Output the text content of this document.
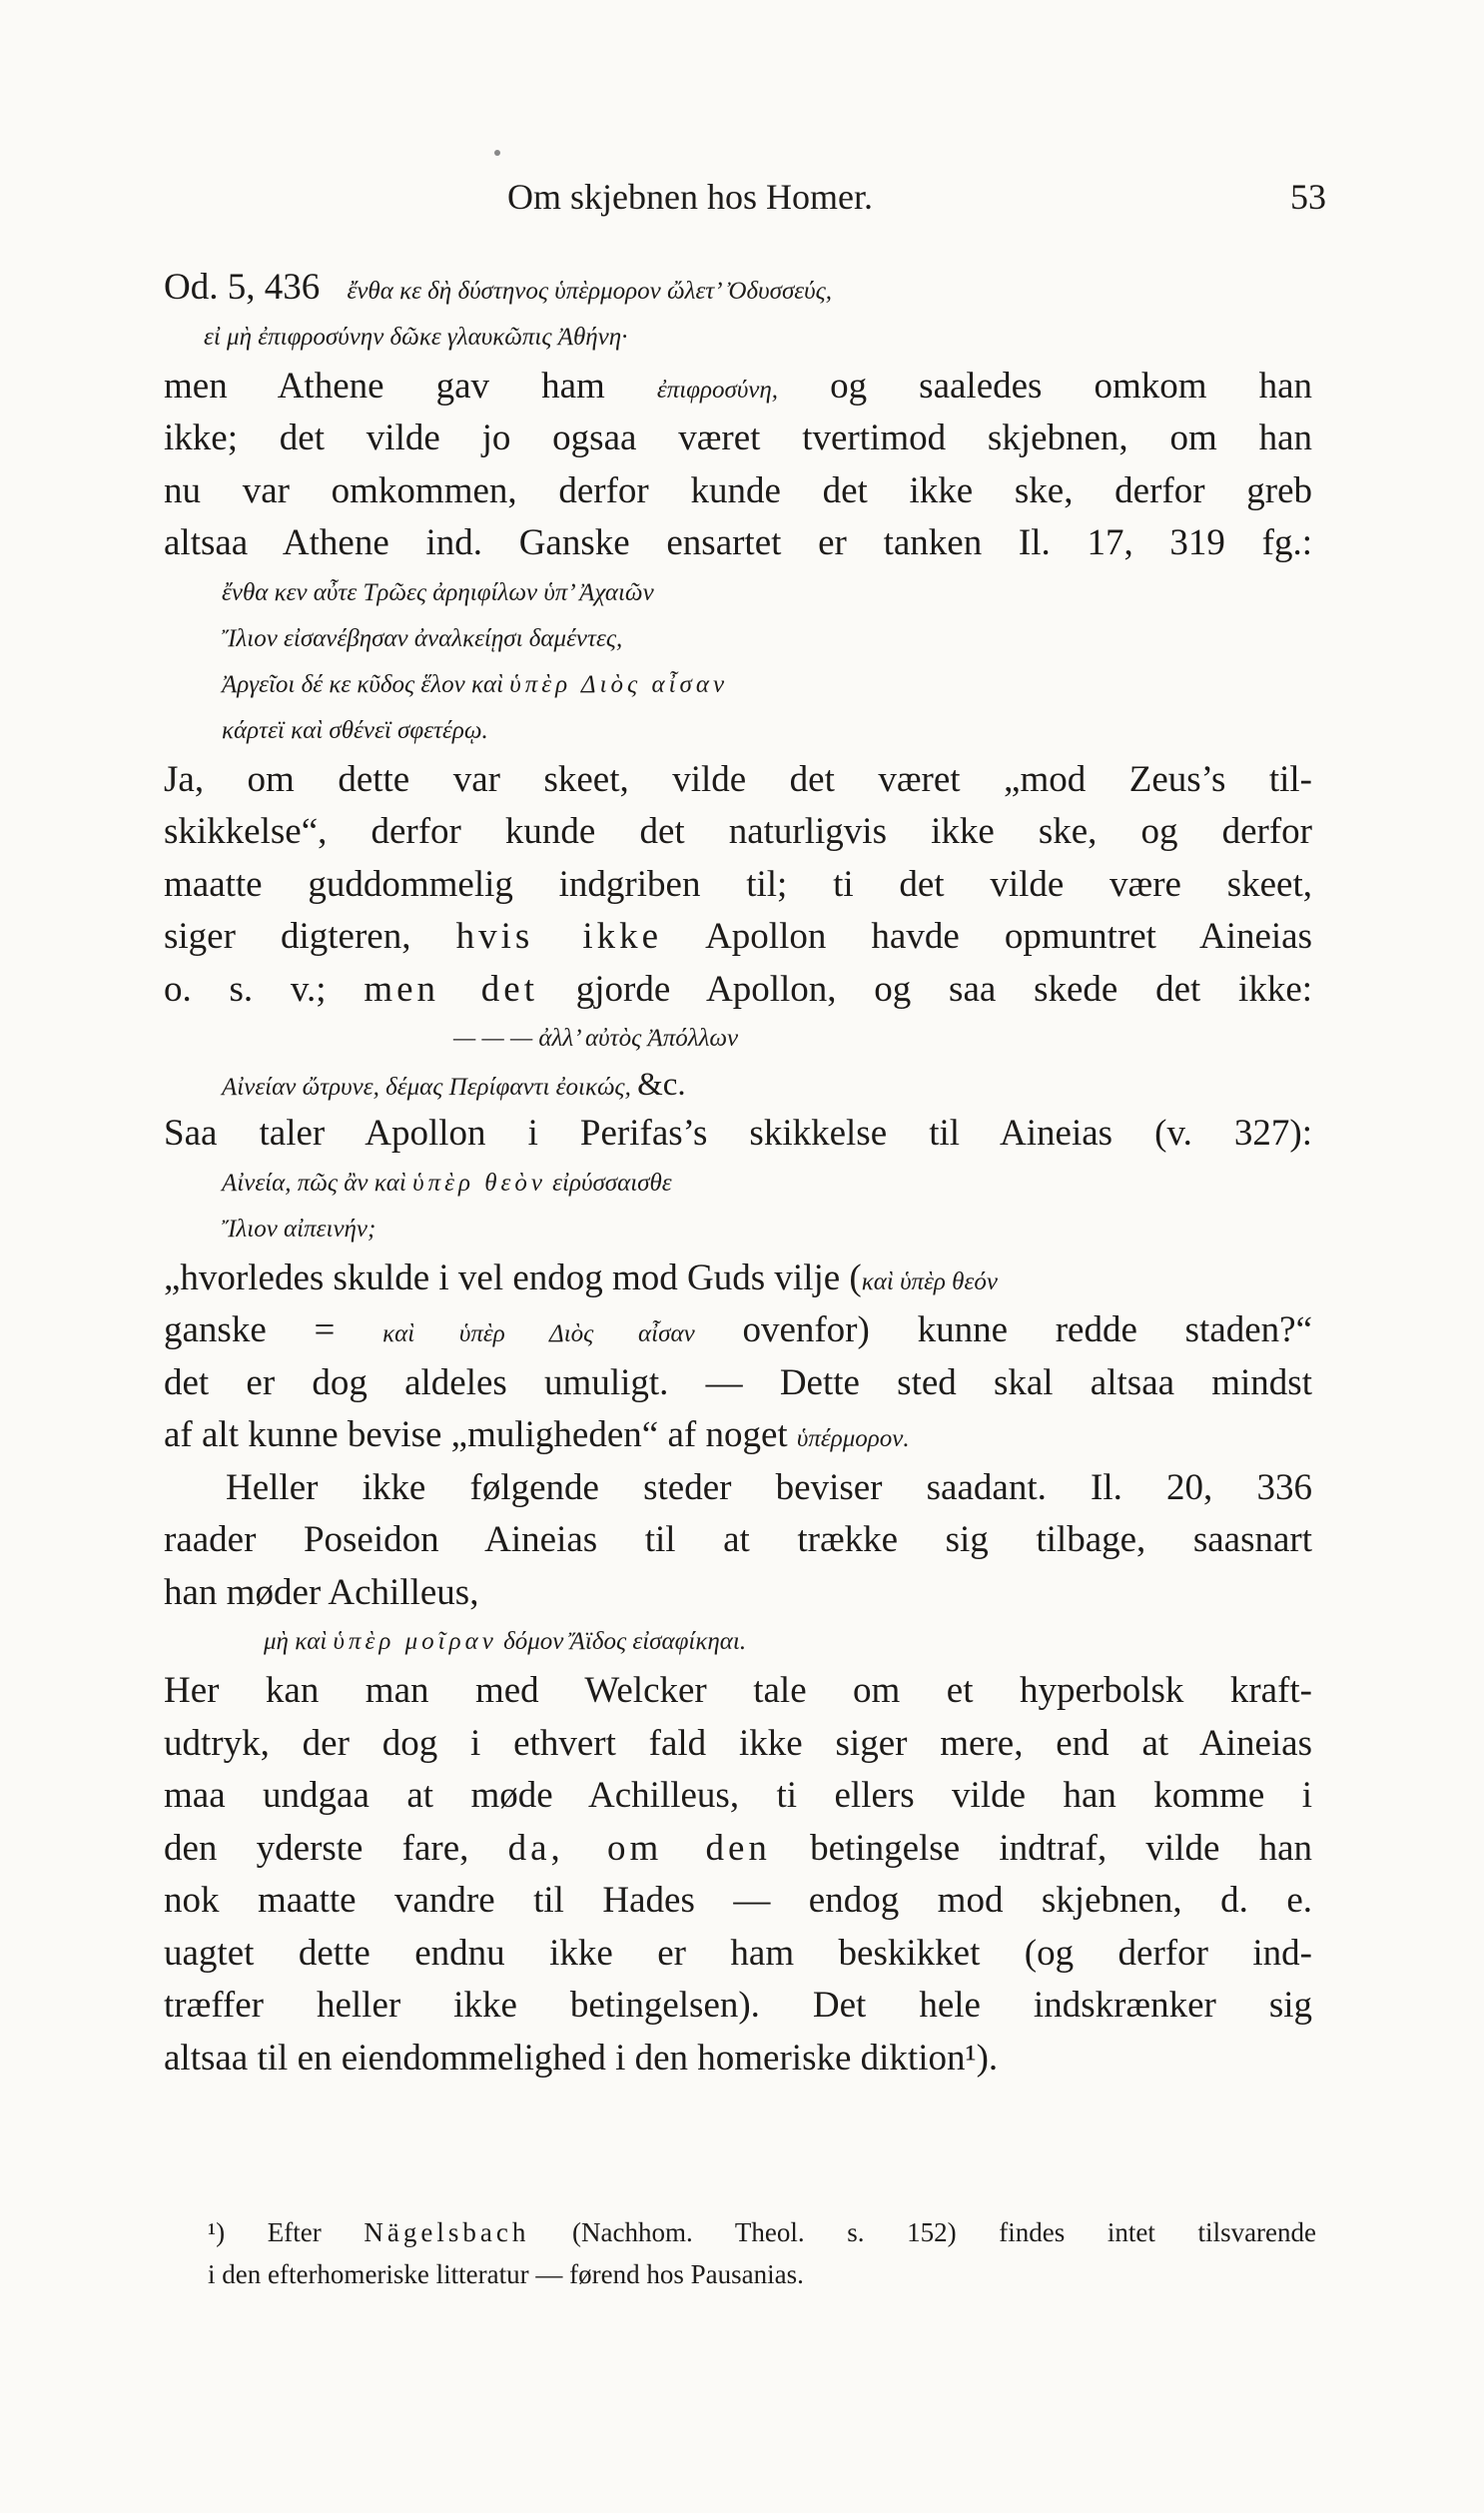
Om skjebnen hos Homer.	53
Od. 5, 436 ἔνθα κε δὴ δύστηνος ὑπὲρμορον ὤλετ’ Ὀδυσσεύς,
εἰ μὴ ἐπιφροσύνην δῶκε γλαυκῶπις Ἀθήνη·
men Athene gav ham ἐπιφροσύνη, og saaledes omkom han
ikke; det vilde jo ogsaa været tvertimod skjebnen, om han
nu var omkommen, derfor kunde det ikke ske, derfor greb
altsaa Athene ind. Ganske ensartet er tanken Il. 17, 319 fg.:
ἔνθα κεν αὖτε Τρῶες ἀρηιφίλων ὑπ’ Ἀχαιῶν
Ἴλιον εἰσανέβησαν ἀναλκείῃσι δαμέντες,
Ἀργεῖοι δέ κε κῦδος ἕλον καὶ ὑπὲρ Διὸς αἶσαν
κάρτεϊ καὶ σθένεϊ σφετέρῳ.
Ja, om dette var skeet, vilde det været „mod Zeus’s til-
skikkelse“, derfor kunde det naturligvis ikke ske, og derfor
maatte guddommelig indgriben til; ti det vilde være skeet,
siger digteren, hvis ikke Apollon havde opmuntret Aineias
o. s. v.; men det gjorde Apollon, og saa skede det ikke:
— — — ἀλλ’ αὐτὸς Ἀπόλλων
Αἰνείαν ὤτρυνε, δέμας Περίφαντι ἐοικώς, &c.
Saa taler Apollon i Perifas’s skikkelse til Aineias (v. 327):
Αἰνεία, πῶς ἂν καὶ ὑπὲρ θεὸν εἰρύσσαισθε
Ἴλιον αἰπεινήν;
„hvorledes skulde i vel endog mod Guds vilje (καὶ ὑπὲρ θεόν
ganske = καὶ ὑπὲρ Διὸς αἶσαν ovenfor) kunne redde staden?“
det er dog aldeles umuligt. — Dette sted skal altsaa mindst
af alt kunne bevise „muligheden“ af noget ὑπέρμορον.
Heller ikke følgende steder beviser saadant. Il. 20, 336
raader Poseidon Aineias til at trække sig tilbage, saasnart
han møder Achilleus,
μὴ καὶ ὑπὲρ μοῖραν δόμον Ἄϊδος εἰσαφίκηαι.
Her kan man med Welcker tale om et hyperbolsk kraft-
udtryk, der dog i ethvert fald ikke siger mere, end at Aineias
maa undgaa at møde Achilleus, ti ellers vilde han komme i
den yderste fare, da, om den betingelse indtraf, vilde han
nok maatte vandre til Hades — endog mod skjebnen, d. e.
uagtet dette endnu ikke er ham beskikket (og derfor ind-
træffer heller ikke betingelsen). Det hele indskrænker sig
altsaa til en eiendommelighed i den homeriske diktion¹).
¹) Efter Nägelsbach (Nachhom. Theol. s. 152) findes intet tilsvarende
i den efterhomeriske litteratur — førend hos Pausanias.
